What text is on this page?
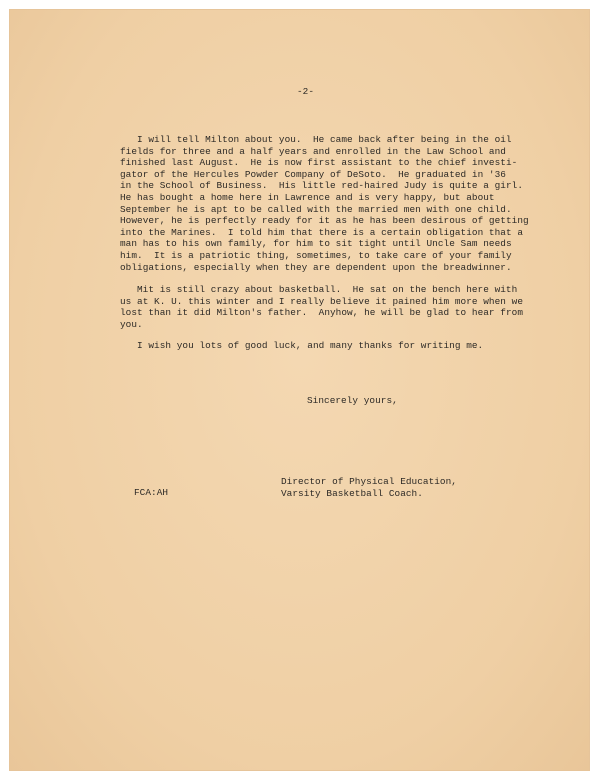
-2-

I will tell Milton about you.  He came back after being in the oil
fields for three and a half years and enrolled in the Law School and
finished last August.  He is now first assistant to the chief investi-
gator of the Hercules Powder Company of DeSoto.  He graduated in '36
in the School of Business.  His little red-haired Judy is quite a girl.
He has bought a home here in Lawrence and is very happy, but about
September he is apt to be called with the married men with one child.
However, he is perfectly ready for it as he has been desirous of getting
into the Marines.  I told him that there is a certain obligation that a
man has to his own family, for him to sit tight until Uncle Sam needs
him.  It is a patriotic thing, sometimes, to take care of your family
obligations, especially when they are dependent upon the breadwinner.

Mit is still crazy about basketball.  He sat on the bench here with
us at K. U. this winter and I really believe it pained him more when we
lost than it did Milton's father.  Anyhow, he will be glad to hear from
you.

I wish you lots of good luck, and many thanks for writing me.

Sincerely yours,
Director of Physical Education,
Varsity Basketball Coach.
FCA:AH
